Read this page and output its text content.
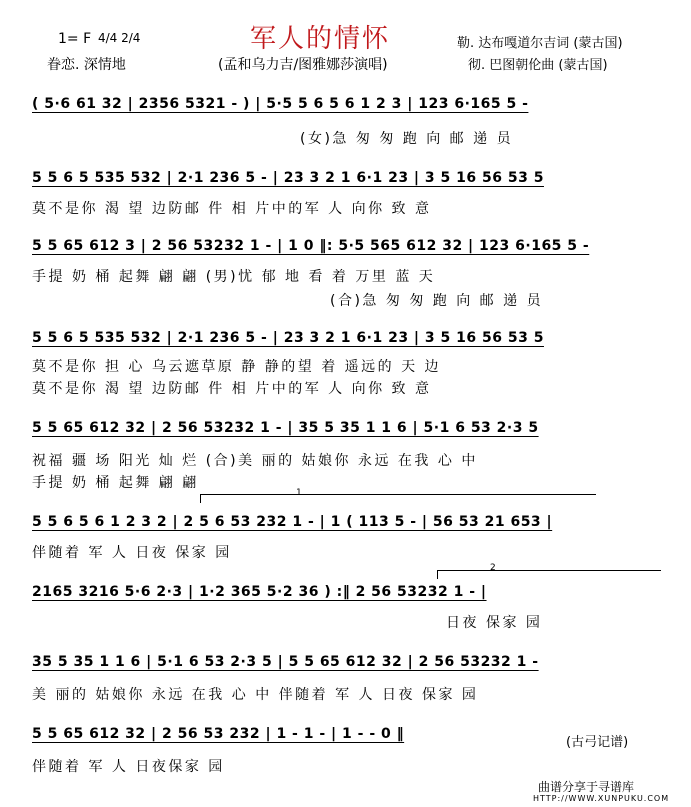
1= F 4/4 2/4
眷恋. 深情地
军人的情怀
(孟和乌力吉/图雅娜莎演唱)
勒. 达布嘎道尔吉词 (蒙古国)
彻. 巴图朝伦曲 (蒙古国)
( 5·6 61 32 | 2356 5321 - ) | 5·5 5 6 5 6 1 2 3 | 123 6·165 5 -
(女)急 匆 匆 跑 向 邮 递 员
5 5 6 5 535 532 | 2·1 236 5 - | 23 3 2 1 6·1 23 | 3 5 16 56 53 5
莫不是你 渴 望 边防邮 件 相 片中的军 人 向你 致 意
5 5 65 612 3 | 2 56 53232 1 - | 1 0 ‖: 5·5 565 612 32 | 123 6·165 5 -
手提 奶 桶 起舞 翩 翩 (男)忧 郁 地 看 着 万里 蓝 天
(合)急 匆 匆 跑 向 邮 递 员
5 5 6 5 535 532 | 2·1 236 5 - | 23 3 2 1 6·1 23 | 3 5 16 56 53 5
莫不是你 担 心 乌云遮草原 静 静的望 着 遥远的 天 边
莫不是你 渴 望 边防邮 件 相 片中的军 人 向你 致 意
5 5 65 612 32 | 2 56 53232 1 - | 35 5 35 1 1 6 | 5·1 6 53 2·3 5
祝福 疆 场 阳光 灿 烂 (合)美 丽的 姑娘你 永远 在我 心 中
手提 奶 桶 起舞 翩 翩
1
5 5 6 5 6 1 2 3 2 | 2 5 6 53 232 1 - | 1 ( 113 5 - | 56 53 21 653 |
伴随着 军 人 日夜 保家 园
2
2165 3216 5·6 2·3 | 1·2 365 5·2 36 ) :‖ 2 56 53232 1 - |
日夜 保家 园
35 5 35 1 1 6 | 5·1 6 53 2·3 5 | 5 5 65 612 32 | 2 56 53232 1 -
美 丽的 姑娘你 永远 在我 心 中 伴随着 军 人 日夜 保家 园
5 5 65 612 32 | 2 56 53 232 | 1 - 1 - | 1 - - 0 ‖
伴随着 军 人 日夜保家 园
(古弓记谱)
曲谱分享于寻谱库
HTTP://WWW.XUNPUKU.COM
